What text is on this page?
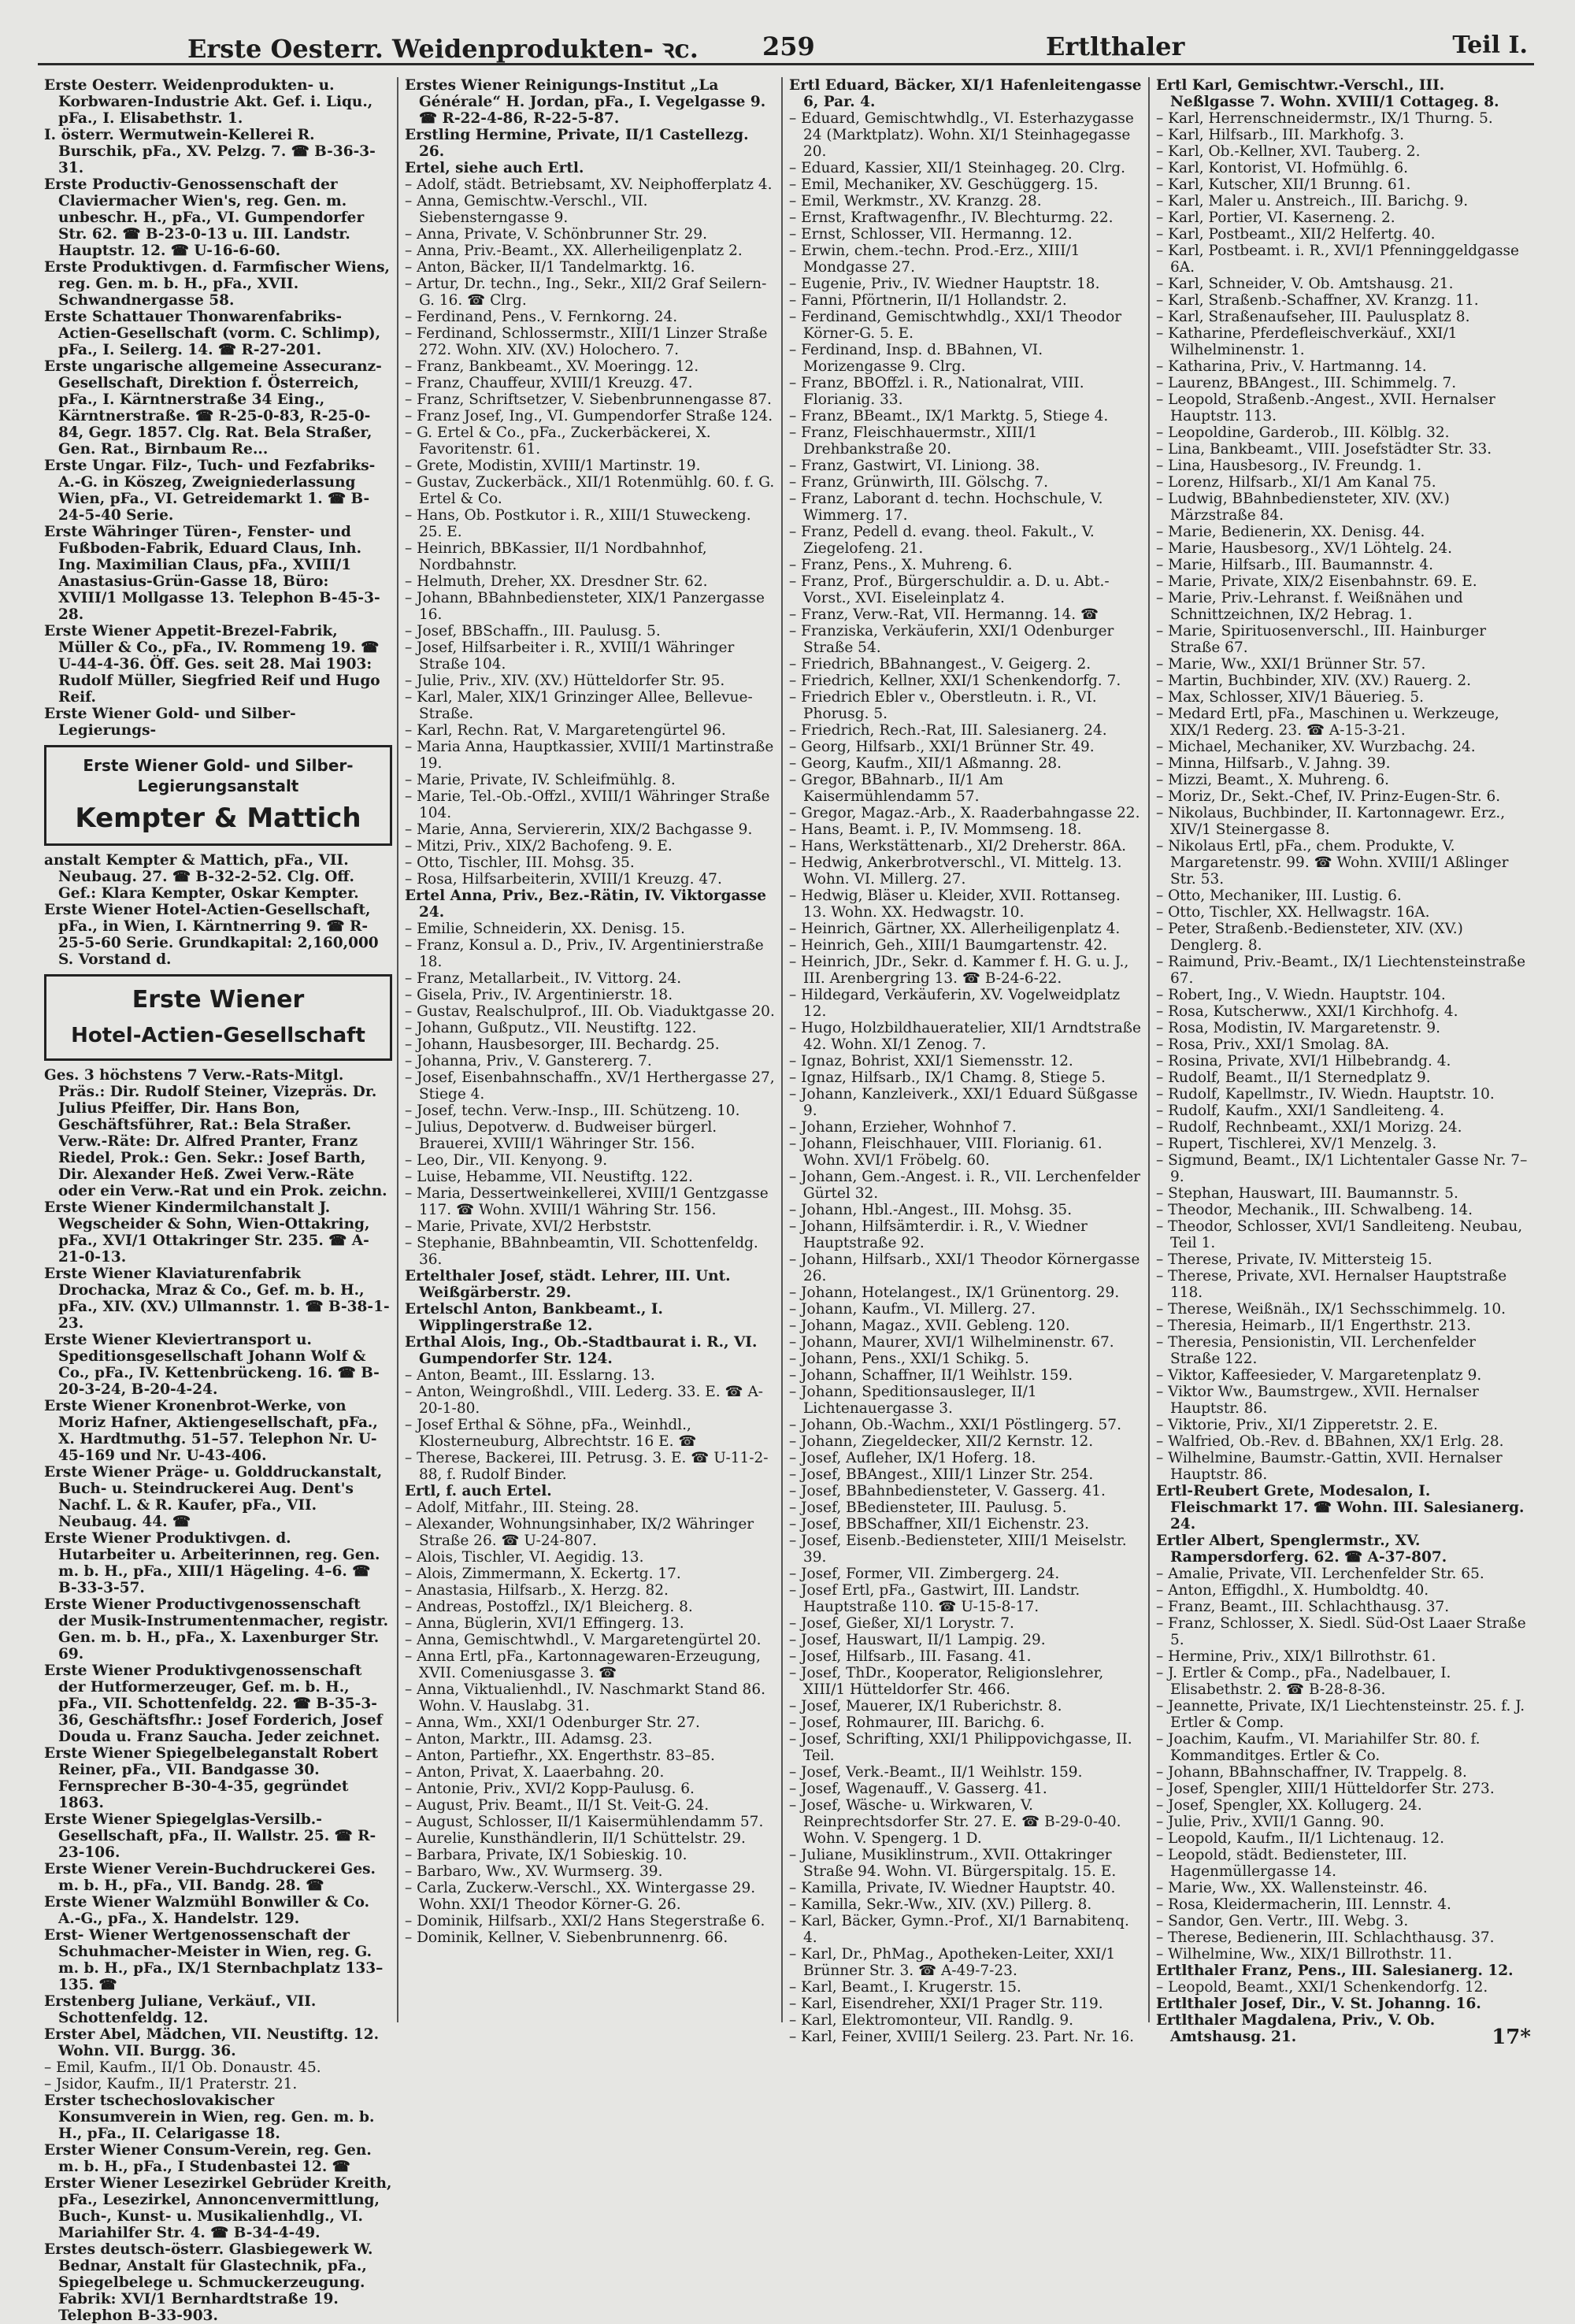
Erste Oesterr. Weidenprodukten- ꝛc.	259	Ertlthaler	Teil I.

Erste Oesterr. Weidenprodukten- u. Korbwaren-Industrie Akt. Gef. i. Liqu., pFa., I. Elisabethstr. 1.

I. österr. Wermutwein-Kellerei R. Burschik, pFa., XV. Pelzg. 7. ☎ B-36-3-31.

Erste Productiv-Genossenschaft der Claviermacher Wien's, reg. Gen. m. unbeschr. H., pFa., VI. Gumpendorfer Str. 62. ☎ B-23-0-13 u. III. Landstr. Hauptstr. 12. ☎ U-16-6-60.

Erste Produktivgen. d. Farmfischer Wiens, reg. Gen. m. b. H., pFa., XVII. Schwandnergasse 58.

Erste Schattauer Thonwarenfabriks-Actien-Gesellschaft (vorm. C. Schlimp), pFa., I. Seilerg. 14. ☎ R-27-201.

Erste ungarische allgemeine Assecuranz-Gesellschaft, Direktion f. Österreich, pFa., I. Kärntnerstraße 34 Eing., Kärntnerstraße. ☎ R-25-0-83, R-25-0-84, Gegr. 1857. Clg. Rat. Bela Straßer, Gen. Rat., Birnbaum Re...

Erste Ungar. Filz-, Tuch- und Fezfabriks-A.-G. in Köszeg, Zweigniederlassung Wien, pFa., VI. Getreidemarkt 1. ☎ B-24-5-40 Serie.

Erste Währinger Türen-, Fenster- und Fußboden-Fabrik, Eduard Claus, Inh. Ing. Maximilian Claus, pFa., XVIII/1 Anastasius-Grün-Gasse 18, Büro: XVIII/1 Mollgasse 13. Telephon B-45-3-28.

Erste Wiener Appetit-Brezel-Fabrik, Müller & Co., pFa., IV. Rommeng 19. ☎ U-44-4-36. Öff. Ges. seit 28. Mai 1903: Rudolf Müller, Siegfried Reif und Hugo Reif.

Erste Wiener Gold- und Silber-Legierungs-

Erste Wiener Gold- und Silber-Legierungsanstalt
Kempter & Mattich

anstalt Kempter & Mattich, pFa., VII. Neubaug. 27. ☎ B-32-2-52. Clg. Off. Gef.: Klara Kempter, Oskar Kempter.

Erste Wiener Hotel-Actien-Gesellschaft, pFa., in Wien, I. Kärntnerring 9. ☎ R-25-5-60 Serie. Grundkapital: 2,160,000 S. Vorstand d.

Erste Wiener
Hotel-Actien-Gesellschaft

Ges. 3 höchstens 7 Verw.-Rats-Mitgl. Präs.: Dir. Rudolf Steiner, Vizepräs. Dr. Julius Pfeiffer, Dir. Hans Bon, Geschäftsführer, Rat.: Bela Straßer. Verw.-Räte: Dr. Alfred Pranter, Franz Riedel, Prok.: Gen. Sekr.: Josef Barth, Dir. Alexander Heß. Zwei Verw.-Räte oder ein Verw.-Rat und ein Prok. zeichn.

Erste Wiener Kindermilchanstalt J. Wegscheider & Sohn, Wien-Ottakring, pFa., XVI/1 Ottakringer Str. 235. ☎ A-21-0-13.

Erste Wiener Klaviaturenfabrik Drochacka, Mraz & Co., Gef. m. b. H., pFa., XIV. (XV.) Ullmannstr. 1. ☎ B-38-1-23.

Erste Wiener Kleviertransport u. Speditionsgesellschaft Johann Wolf & Co., pFa., IV. Kettenbrückeng. 16. ☎ B-20-3-24, B-20-4-24.

Erste Wiener Kronenbrot-Werke, von Moriz Hafner, Aktiengesellschaft, pFa., X. Hardtmuthg. 51–57. Telephon Nr. U-45-169 und Nr. U-43-406.

Erste Wiener Präge- u. Golddruckanstalt, Buch- u. Steindruckerei Aug. Dent's Nachf. L. & R. Kaufer, pFa., VII. Neubaug. 44. ☎

Erste Wiener Produktivgen. d. Hutarbeiter u. Arbeiterinnen, reg. Gen. m. b. H., pFa., XIII/1 Hägeling. 4–6. ☎ B-33-3-57.

Erste Wiener Productivgenossenschaft der Musik-Instrumentenmacher, registr. Gen. m. b. H., pFa., X. Laxenburger Str. 69.

Erste Wiener Produktivgenossenschaft der Hutformerzeuger, Gef. m. b. H., pFa., VII. Schottenfeldg. 22. ☎ B-35-3-36, Geschäftsfhr.: Josef Forderich, Josef Douda u. Franz Saucha. Jeder zeichnet.

Erste Wiener Spiegelbeleganstalt Robert Reiner, pFa., VII. Bandgasse 30. Fernsprecher B-30-4-35, gegründet 1863.

Erste Wiener Spiegelglas-Versilb.-Gesellschaft, pFa., II. Wallstr. 25. ☎ R-23-106.

Erste Wiener Verein-Buchdruckerei Ges. m. b. H., pFa., VII. Bandg. 28. ☎

Erste Wiener Walzmühl Bonwiller & Co. A.-G., pFa., X. Handelstr. 129.

Erst- Wiener Wertgenossenschaft der Schuhmacher-Meister in Wien, reg. G. m. b. H., pFa., IX/1 Sternbachplatz 133–135. ☎

Erstenberg Juliane, Verkäuf., VII. Schottenfeldg. 12.

Erster Abel, Mädchen, VII. Neustiftg. 12. Wohn. VII. Burgg. 36.

– Emil, Kaufm., II/1 Ob. Donaustr. 45.

– Jsidor, Kaufm., II/1 Praterstr. 21.

Erster tschechoslovakischer Konsumverein in Wien, reg. Gen. m. b. H., pFa., II. Celarigasse 18.

Erster Wiener Consum-Verein, reg. Gen. m. b. H., pFa., I Studenbastei 12. ☎

Erster Wiener Lesezirkel Gebrüder Kreith, pFa., Lesezirkel, Annoncenvermittlung, Buch-, Kunst- u. Musikalienhdlg., VI. Mariahilfer Str. 4. ☎ B-34-4-49.

Erstes deutsch-österr. Glasbiegewerk W. Bednar, Anstalt für Glastechnik, pFa., Spiegelbelege u. Schmuckerzeugung. Fabrik: XVI/1 Bernhardtstraße 19. Telephon B-33-903.

Erstes Wiener Reinigungs-Institut „La Générale“ H. Jordan, pFa., I. Vegelgasse 9. ☎ R-22-4-86, R-22-5-87.

Erstling Hermine, Private, II/1 Castellezg. 26.

Ertel, siehe auch Ertl.

– Adolf, städt. Betriebsamt, XV. Neiphofferplatz 4.

– Anna, Gemischtw.-Verschl., VII. Siebensterngasse 9.

– Anna, Private, V. Schönbrunner Str. 29.

– Anna, Priv.-Beamt., XX. Allerheiligenplatz 2.

– Anton, Bäcker, II/1 Tandelmarktg. 16.

– Artur, Dr. techn., Ing., Sekr., XII/2 Graf Seilern-G. 16. ☎ Clrg.

– Ferdinand, Pens., V. Fernkorng. 24.

– Ferdinand, Schlossermstr., XIII/1 Linzer Straße 272. Wohn. XIV. (XV.) Holochero. 7.

– Franz, Bankbeamt., XV. Moeringg. 12.

– Franz, Chauffeur, XVIII/1 Kreuzg. 47.

– Franz, Schriftsetzer, V. Siebenbrunnengasse 87.

– Franz Josef, Ing., VI. Gumpendorfer Straße 124.

– G. Ertel & Co., pFa., Zuckerbäckerei, X. Favoritenstr. 61.

– Grete, Modistin, XVIII/1 Martinstr. 19.

– Gustav, Zuckerbäck., XII/1 Rotenmühlg. 60. f. G. Ertel & Co.

– Hans, Ob. Postkutor i. R., XIII/1 Stuweckeng. 25. E.

– Heinrich, BBKassier, II/1 Nordbahnhof, Nordbahnstr.

– Helmuth, Dreher, XX. Dresdner Str. 62.

– Johann, BBahnbediensteter, XIX/1 Panzergasse 16.

– Josef, BBSchaffn., III. Paulusg. 5.

– Josef, Hilfsarbeiter i. R., XVIII/1 Währinger Straße 104.

– Julie, Priv., XIV. (XV.) Hütteldorfer Str. 95.

– Karl, Maler, XIX/1 Grinzinger Allee, Bellevue-Straße.

– Karl, Rechn. Rat, V. Margaretengürtel 96.

– Maria Anna, Hauptkassier, XVIII/1 Martinstraße 19.

– Marie, Private, IV. Schleifmühlg. 8.

– Marie, Tel.-Ob.-Offzl., XVIII/1 Währinger Straße 104.

– Marie, Anna, Serviererin, XIX/2 Bachgasse 9.

– Mitzi, Priv., XIX/2 Bachofeng. 9. E.

– Otto, Tischler, III. Mohsg. 35.

– Rosa, Hilfsarbeiterin, XVIII/1 Kreuzg. 47.

Ertel Anna, Priv., Bez.-Rätin, IV. Viktorgasse 24.

– Emilie, Schneiderin, XX. Denisg. 15.

– Franz, Konsul a. D., Priv., IV. Argentinierstraße 18.

– Franz, Metallarbeit., IV. Vittorg. 24.

– Gisela, Priv., IV. Argentinierstr. 18.

– Gustav, Realschulprof., III. Ob. Viaduktgasse 20.

– Johann, Gußputz., VII. Neustiftg. 122.

– Johann, Hausbesorger, III. Bechardg. 25.

– Johanna, Priv., V. Ganstererg. 7.

– Josef, Eisenbahnschaffn., XV/1 Herthergasse 27, Stiege 4.

– Josef, techn. Verw.-Insp., III. Schützeng. 10.

– Julius, Depotverw. d. Budweiser bürgerl. Brauerei, XVIII/1 Währinger Str. 156.

– Leo, Dir., VII. Kenyong. 9.

– Luise, Hebamme, VII. Neustiftg. 122.

– Maria, Dessertweinkellerei, XVIII/1 Gentzgasse 117. ☎ Wohn. XVIII/1 Währing Str. 156.

– Marie, Private, XVI/2 Herbststr.

– Stephanie, BBahnbeamtin, VII. Schottenfeldg. 36.

Ertelthaler Josef, städt. Lehrer, III. Unt. Weißgärberstr. 29.

Ertelschl Anton, Bankbeamt., I. Wipplingerstraße 12.

Erthal Alois, Ing., Ob.-Stadtbaurat i. R., VI. Gumpendorfer Str. 124.

– Anton, Beamt., III. Esslarng. 13.

– Anton, Weingroßhdl., VIII. Lederg. 33. E. ☎ A-20-1-80.

– Josef Erthal & Söhne, pFa., Weinhdl., Klosterneuburg, Albrechtstr. 16 E. ☎

– Therese, Backerei, III. Petrusg. 3. E. ☎ U-11-2-88, f. Rudolf Binder.

Ertl, f. auch Ertel.

– Adolf, Mitfahr., III. Steing. 28.

– Alexander, Wohnungsinhaber, IX/2 Währinger Straße 26. ☎ U-24-807.

– Alois, Tischler, VI. Aegidig. 13.

– Alois, Zimmermann, X. Eckertg. 17.

– Anastasia, Hilfsarb., X. Herzg. 82.

– Andreas, Postoffzl., IX/1 Bleicherg. 8.

– Anna, Büglerin, XVI/1 Effingerg. 13.

– Anna, Gemischtwhdl., V. Margaretengürtel 20.

– Anna Ertl, pFa., Kartonnagewaren-Erzeugung, XVII. Comeniusgasse 3. ☎

– Anna, Viktualienhdl., IV. Naschmarkt Stand 86. Wohn. V. Hauslabg. 31.

– Anna, Wm., XXI/1 Odenburger Str. 27.

– Anton, Marktr., III. Adamsg. 23.

– Anton, Partiefhr., XX. Engerthstr. 83–85.

– Anton, Privat, X. Laaerbahng. 20.

– Antonie, Priv., XVI/2 Kopp-Paulusg. 6.

– August, Priv. Beamt., II/1 St. Veit-G. 24.

– August, Schlosser, II/1 Kaisermühlendamm 57.

– Aurelie, Kunsthändlerin, II/1 Schüttelstr. 29.

– Barbara, Private, IX/1 Sobieskig. 10.

– Barbaro, Ww., XV. Wurmserg. 39.

– Carla, Zuckerw.-Verschl., XX. Wintergasse 29. Wohn. XXI/1 Theodor Körner-G. 26.

– Dominik, Hilfsarb., XXI/2 Hans Stegerstraße 6.

– Dominik, Kellner, V. Siebenbrunnenrg. 66.

Ertl Eduard, Bäcker, XI/1 Hafenleitengasse 6, Par. 4.

– Eduard, Gemischtwhdlg., VI. Esterhazygasse 24 (Marktplatz). Wohn. XI/1 Steinhagegasse 20.

– Eduard, Kassier, XII/1 Steinhageg. 20. Clrg.

– Emil, Mechaniker, XV. Geschüggerg. 15.

– Emil, Werkmstr., XV. Kranzg. 28.

– Ernst, Kraftwagenfhr., IV. Blechturmg. 22.

– Ernst, Schlosser, VII. Hermanng. 12.

– Erwin, chem.-techn. Prod.-Erz., XIII/1 Mondgasse 27.

– Eugenie, Priv., IV. Wiedner Hauptstr. 18.

– Fanni, Pförtnerin, II/1 Hollandstr. 2.

– Ferdinand, Gemischtwhdlg., XXI/1 Theodor Körner-G. 5. E.

– Ferdinand, Insp. d. BBahnen, VI. Morizengasse 9. Clrg.

– Franz, BBOffzl. i. R., Nationalrat, VIII. Florianig. 33.

– Franz, BBeamt., IX/1 Marktg. 5, Stiege 4.

– Franz, Fleischhauermstr., XIII/1 Drehbankstraße 20.

– Franz, Gastwirt, VI. Liniong. 38.

– Franz, Grünwirth, III. Gölschg. 7.

– Franz, Laborant d. techn. Hochschule, V. Wimmerg. 17.

– Franz, Pedell d. evang. theol. Fakult., V. Ziegelofeng. 21.

– Franz, Pens., X. Muhreng. 6.

– Franz, Prof., Bürgerschuldir. a. D. u. Abt.-Vorst., XVI. Eiseleinplatz 4.

– Franz, Verw.-Rat, VII. Hermanng. 14. ☎

– Franziska, Verkäuferin, XXI/1 Odenburger Straße 54.

– Friedrich, BBahnangest., V. Geigerg. 2.

– Friedrich, Kellner, XXI/1 Schenkendorfg. 7.

– Friedrich Ebler v., Oberstleutn. i. R., VI. Phorusg. 5.

– Friedrich, Rech.-Rat, III. Salesianerg. 24.

– Georg, Hilfsarb., XXI/1 Brünner Str. 49.

– Georg, Kaufm., XII/1 Aßmanng. 28.

– Gregor, BBahnarb., II/1 Am Kaisermühlendamm 57.

– Gregor, Magaz.-Arb., X. Raaderbahngasse 22.

– Hans, Beamt. i. P., IV. Mommseng. 18.

– Hans, Werkstättenarb., XI/2 Dreherstr. 86A.

– Hedwig, Ankerbrotverschl., VI. Mittelg. 13. Wohn. VI. Millerg. 27.

– Hedwig, Bläser u. Kleider, XVII. Rottanseg. 13. Wohn. XX. Hedwagstr. 10.

– Heinrich, Gärtner, XX. Allerheiligenplatz 4.

– Heinrich, Geh., XIII/1 Baumgartenstr. 42.

– Heinrich, JDr., Sekr. d. Kammer f. H. G. u. J., III. Arenbergring 13. ☎ B-24-6-22.

– Hildegard, Verkäuferin, XV. Vogelweidplatz 12.

– Hugo, Holzbildhaueratelier, XII/1 Arndtstraße 42. Wohn. XI/1 Zenog. 7.

– Ignaz, Bohrist, XXI/1 Siemensstr. 12.

– Ignaz, Hilfsarb., IX/1 Chamg. 8, Stiege 5.

– Johann, Kanzleiverk., XXI/1 Eduard Süßgasse 9.

– Johann, Erzieher, Wohnhof 7.

– Johann, Fleischhauer, VIII. Florianig. 61. Wohn. XVI/1 Fröbelg. 60.

– Johann, Gem.-Angest. i. R., VII. Lerchenfelder Gürtel 32.

– Johann, Hbl.-Angest., III. Mohsg. 35.

– Johann, Hilfsämterdir. i. R., V. Wiedner Hauptstraße 92.

– Johann, Hilfsarb., XXI/1 Theodor Körnergasse 26.

– Johann, Hotelangest., IX/1 Grünentorg. 29.

– Johann, Kaufm., VI. Millerg. 27.

– Johann, Magaz., XVII. Gebleng. 120.

– Johann, Maurer, XVI/1 Wilhelminenstr. 67.

– Johann, Pens., XXI/1 Schikg. 5.

– Johann, Schaffner, II/1 Weihlstr. 159.

– Johann, Speditionsausleger, II/1 Lichtenauergasse 3.

– Johann, Ob.-Wachm., XXI/1 Pöstlingerg. 57.

– Johann, Ziegeldecker, XII/2 Kernstr. 12.

– Josef, Aufleher, IX/1 Hoferg. 18.

– Josef, BBAngest., XIII/1 Linzer Str. 254.

– Josef, BBahnbediensteter, V. Gasserg. 41.

– Josef, BBediensteter, III. Paulusg. 5.

– Josef, BBSchaffner, XII/1 Eichenstr. 23.

– Josef, Eisenb.-Bediensteter, XIII/1 Meiselstr. 39.

– Josef, Former, VII. Zimbergerg. 24.

– Josef Ertl, pFa., Gastwirt, III. Landstr. Hauptstraße 110. ☎ U-15-8-17.

– Josef, Gießer, XI/1 Lorystr. 7.

– Josef, Hauswart, II/1 Lampig. 29.

– Josef, Hilfsarb., III. Fasang. 41.

– Josef, ThDr., Kooperator, Religionslehrer, XIII/1 Hütteldorfer Str. 466.

– Josef, Mauerer, IX/1 Ruberichstr. 8.

– Josef, Rohmaurer, III. Barichg. 6.

– Josef, Schrifting, XXI/1 Philippovichgasse, II. Teil.

– Josef, Verk.-Beamt., II/1 Weihlstr. 159.

– Josef, Wagenauff., V. Gasserg. 41.

– Josef, Wäsche- u. Wirkwaren, V. Reinprechtsdorfer Str. 27. E. ☎ B-29-0-40. Wohn. V. Spengerg. 1 D.

– Juliane, Musiklinstrum., XVII. Ottakringer Straße 94. Wohn. VI. Bürgerspitalg. 15. E.

– Kamilla, Private, IV. Wiedner Hauptstr. 40.

– Kamilla, Sekr.-Ww., XIV. (XV.) Pillerg. 8.

– Karl, Bäcker, Gymn.-Prof., XI/1 Barnabitenq. 4.

– Karl, Dr., PhMag., Apotheken-Leiter, XXI/1 Brünner Str. 3. ☎ A-49-7-23.

– Karl, Beamt., I. Krugerstr. 15.

– Karl, Eisendreher, XXI/1 Prager Str. 119.

– Karl, Elektromonteur, VII. Randlg. 9.

– Karl, Feiner, XVIII/1 Seilerg. 23. Part. Nr. 16.

Ertl Karl, Gemischtwr.-Verschl., III. Neßlgasse 7. Wohn. XVIII/1 Cottageg. 8.

– Karl, Herrenschneidermstr., IX/1 Thurng. 5.

– Karl, Hilfsarb., III. Markhofg. 3.

– Karl, Ob.-Kellner, XVI. Tauberg. 2.

– Karl, Kontorist, VI. Hofmühlg. 6.

– Karl, Kutscher, XII/1 Brunng. 61.

– Karl, Maler u. Anstreich., III. Barichg. 9.

– Karl, Portier, VI. Kaserneng. 2.

– Karl, Postbeamt., XII/2 Helfertg. 40.

– Karl, Postbeamt. i. R., XVI/1 Pfenninggeldgasse 6A.

– Karl, Schneider, V. Ob. Amtshausg. 21.

– Karl, Straßenb.-Schaffner, XV. Kranzg. 11.

– Karl, Straßenaufseher, III. Paulusplatz 8.

– Katharine, Pferdefleischverkäuf., XXI/1 Wilhelminenstr. 1.

– Katharina, Priv., V. Hartmanng. 14.

– Laurenz, BBAngest., III. Schimmelg. 7.

– Leopold, Straßenb.-Angest., XVII. Hernalser Hauptstr. 113.

– Leopoldine, Garderob., III. Kölblg. 32.

– Lina, Bankbeamt., VIII. Josefstädter Str. 33.

– Lina, Hausbesorg., IV. Freundg. 1.

– Lorenz, Hilfsarb., XI/1 Am Kanal 75.

– Ludwig, BBahnbediensteter, XIV. (XV.) Märzstraße 84.

– Marie, Bedienerin, XX. Denisg. 44.

– Marie, Hausbesorg., XV/1 Löhtelg. 24.

– Marie, Hilfsarb., III. Baumannstr. 4.

– Marie, Private, XIX/2 Eisenbahnstr. 69. E.

– Marie, Priv.-Lehranst. f. Weißnähen und Schnittzeichnen, IX/2 Hebrag. 1.

– Marie, Spirituosenverschl., III. Hainburger Straße 67.

– Marie, Ww., XXI/1 Brünner Str. 57.

– Martin, Buchbinder, XIV. (XV.) Rauerg. 2.

– Max, Schlosser, XIV/1 Bäuerieg. 5.

– Medard Ertl, pFa., Maschinen u. Werkzeuge, XIX/1 Rederg. 23. ☎ A-15-3-21.

– Michael, Mechaniker, XV. Wurzbachg. 24.

– Minna, Hilfsarb., V. Jahng. 39.

– Mizzi, Beamt., X. Muhreng. 6.

– Moriz, Dr., Sekt.-Chef, IV. Prinz-Eugen-Str. 6.

– Nikolaus, Buchbinder, II. Kartonnagewr. Erz., XIV/1 Steinergasse 8.

– Nikolaus Ertl, pFa., chem. Produkte, V. Margaretenstr. 99. ☎ Wohn. XVIII/1 Aßlinger Str. 53.

– Otto, Mechaniker, III. Lustig. 6.

– Otto, Tischler, XX. Hellwagstr. 16A.

– Peter, Straßenb.-Bediensteter, XIV. (XV.) Denglerg. 8.

– Raimund, Priv.-Beamt., IX/1 Liechtensteinstraße 67.

– Robert, Ing., V. Wiedn. Hauptstr. 104.

– Rosa, Kutscherww., XXI/1 Kirchhofg. 4.

– Rosa, Modistin, IV. Margaretenstr. 9.

– Rosa, Priv., XXI/1 Smolag. 8A.

– Rosina, Private, XVI/1 Hilbebrandg. 4.

– Rudolf, Beamt., II/1 Sternedplatz 9.

– Rudolf, Kapellmstr., IV. Wiedn. Hauptstr. 10.

– Rudolf, Kaufm., XXI/1 Sandleiteng. 4.

– Rudolf, Rechnbeamt., XXI/1 Morizg. 24.

– Rupert, Tischlerei, XV/1 Menzelg. 3.

– Sigmund, Beamt., IX/1 Lichtentaler Gasse Nr. 7–9.

– Stephan, Hauswart, III. Baumannstr. 5.

– Theodor, Mechanik., III. Schwalbeng. 14.

– Theodor, Schlosser, XVI/1 Sandleiteng. Neubau, Teil 1.

– Therese, Private, IV. Mittersteig 15.

– Therese, Private, XVI. Hernalser Hauptstraße 118.

– Therese, Weißnäh., IX/1 Sechsschimmelg. 10.

– Theresia, Heimarb., II/1 Engerthstr. 213.

– Theresia, Pensionistin, VII. Lerchenfelder Straße 122.

– Viktor, Kaffeesieder, V. Margaretenplatz 9.

– Viktor Ww., Baumstrgew., XVII. Hernalser Hauptstr. 86.

– Viktorie, Priv., XI/1 Zipperetstr. 2. E.

– Walfried, Ob.-Rev. d. BBahnen, XX/1 Erlg. 28.

– Wilhelmine, Baumstr.-Gattin, XVII. Hernalser Hauptstr. 86.

Ertl-Reubert Grete, Modesalon, I. Fleischmarkt 17. ☎ Wohn. III. Salesianerg. 24.

Ertler Albert, Spenglermstr., XV. Rampersdorferg. 62. ☎ A-37-807.

– Amalie, Private, VII. Lerchenfelder Str. 65.

– Anton, Effigdhl., X. Humboldtg. 40.

– Franz, Beamt., III. Schlachthausg. 37.

– Franz, Schlosser, X. Siedl. Süd-Ost Laaer Straße 5.

– Hermine, Priv., XIX/1 Billrothstr. 61.

– J. Ertler & Comp., pFa., Nadelbauer, I. Elisabethstr. 2. ☎ B-28-8-36.

– Jeannette, Private, IX/1 Liechtensteinstr. 25. f. J. Ertler & Comp.

– Joachim, Kaufm., VI. Mariahilfer Str. 80. f. Kommanditges. Ertler & Co.

– Johann, BBahnschaffner, IV. Trappelg. 8.

– Josef, Spengler, XIII/1 Hütteldorfer Str. 273.

– Josef, Spengler, XX. Kollugerg. 24.

– Julie, Priv., XVII/1 Ganng. 90.

– Leopold, Kaufm., II/1 Lichtenaug. 12.

– Leopold, städt. Bediensteter, III. Hagenmüllergasse 14.

– Marie, Ww., XX. Wallensteinstr. 46.

– Rosa, Kleidermacherin, III. Lennstr. 4.

– Sandor, Gen. Vertr., III. Webg. 3.

– Therese, Bedienerin, III. Schlachthausg. 37.

– Wilhelmine, Ww., XIX/1 Billrothstr. 11.

Ertlthaler Franz, Pens., III. Salesianerg. 12.

– Leopold, Beamt., XXI/1 Schenkendorfg. 12.

Ertlthaler Josef, Dir., V. St. Johanng. 16.

Ertlthaler Magdalena, Priv., V. Ob. Amtshausg. 21.	17*
